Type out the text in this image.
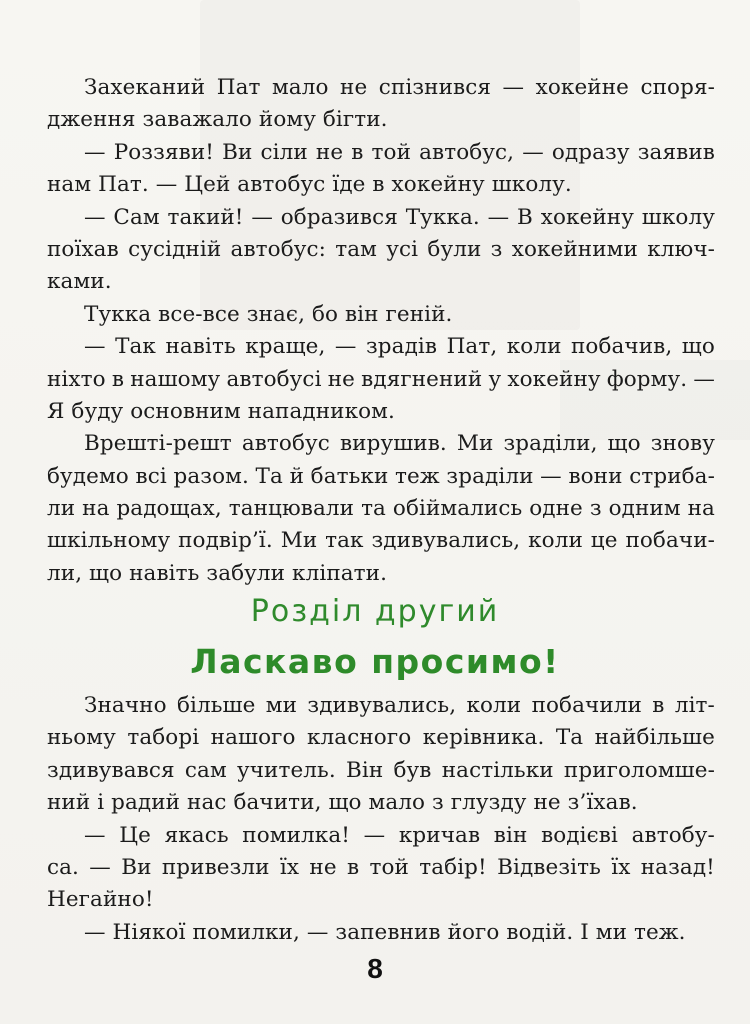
Захеканий Пат мало не спізнився — хокейне споря-
дження заважало йому бігти.
— Роззяви! Ви сіли не в той автобус, — одразу заявив
нам Пат. — Цей автобус їде в хокейну школу.
— Сам такий! — образився Тукка. — В хокейну школу
поїхав сусідній автобус: там усі були з хокейними ключ-
ками.
Тукка все-все знає, бо він геній.
— Так навіть краще, — зрадів Пат, коли побачив, що
ніхто в нашому автобусі не вдягнений у хокейну форму. —
Я буду основним нападником.
Врешті-решт автобус вирушив. Ми зраділи, що знову
будемо всі разом. Та й батьки теж зраділи — вони стриба-
ли на радощах, танцювали та обіймались одне з одним на
шкільному подвір’ї. Ми так здивувались, коли це побачи-
ли, що навіть забули кліпати.
Розділ другий
Ласкаво просимо!
Значно більше ми здивувались, коли побачили в літ-
ньому таборі нашого класного керівника. Та найбільше
здивувався сам учитель. Він був настільки приголомше-
ний і радий нас бачити, що мало з глузду не з’їхав.
— Це якась помилка! — кричав він водієві автобу-
са. — Ви привезли їх не в той табір! Відвезіть їх назад!
Негайно!
— Ніякої помилки, — запевнив його водій. І ми теж.
8
